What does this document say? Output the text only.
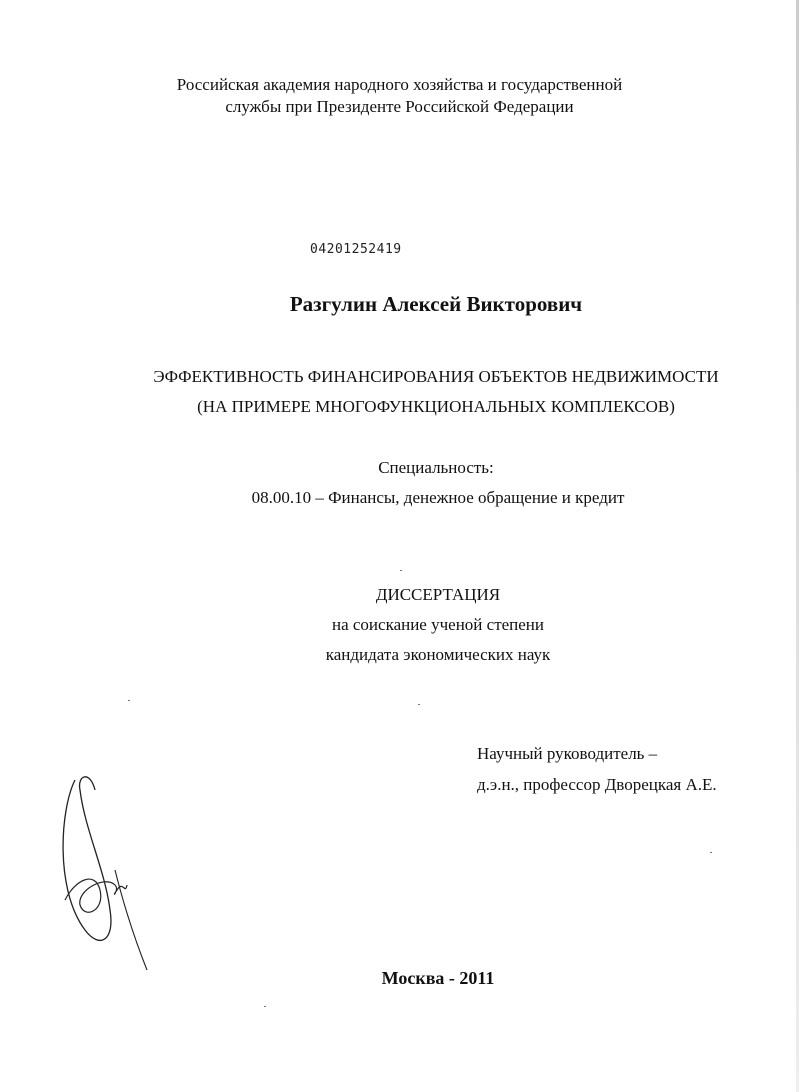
Российская академия народного хозяйства и государственной
службы при Президенте Российской Федерации
04201252419
Разгулин Алексей Викторович
ЭФФЕКТИВНОСТЬ ФИНАНСИРОВАНИЯ ОБЪЕКТОВ НЕДВИЖИМОСТИ
(НА ПРИМЕРЕ МНОГОФУНКЦИОНАЛЬНЫХ КОМПЛЕКСОВ)
Специальность:
08.00.10 – Финансы, денежное обращение и кредит
ДИССЕРТАЦИЯ
на соискание ученой степени
кандидата экономических наук
Научный руководитель –
д.э.н., профессор Дворецкая А.Е.
Москва - 2011
